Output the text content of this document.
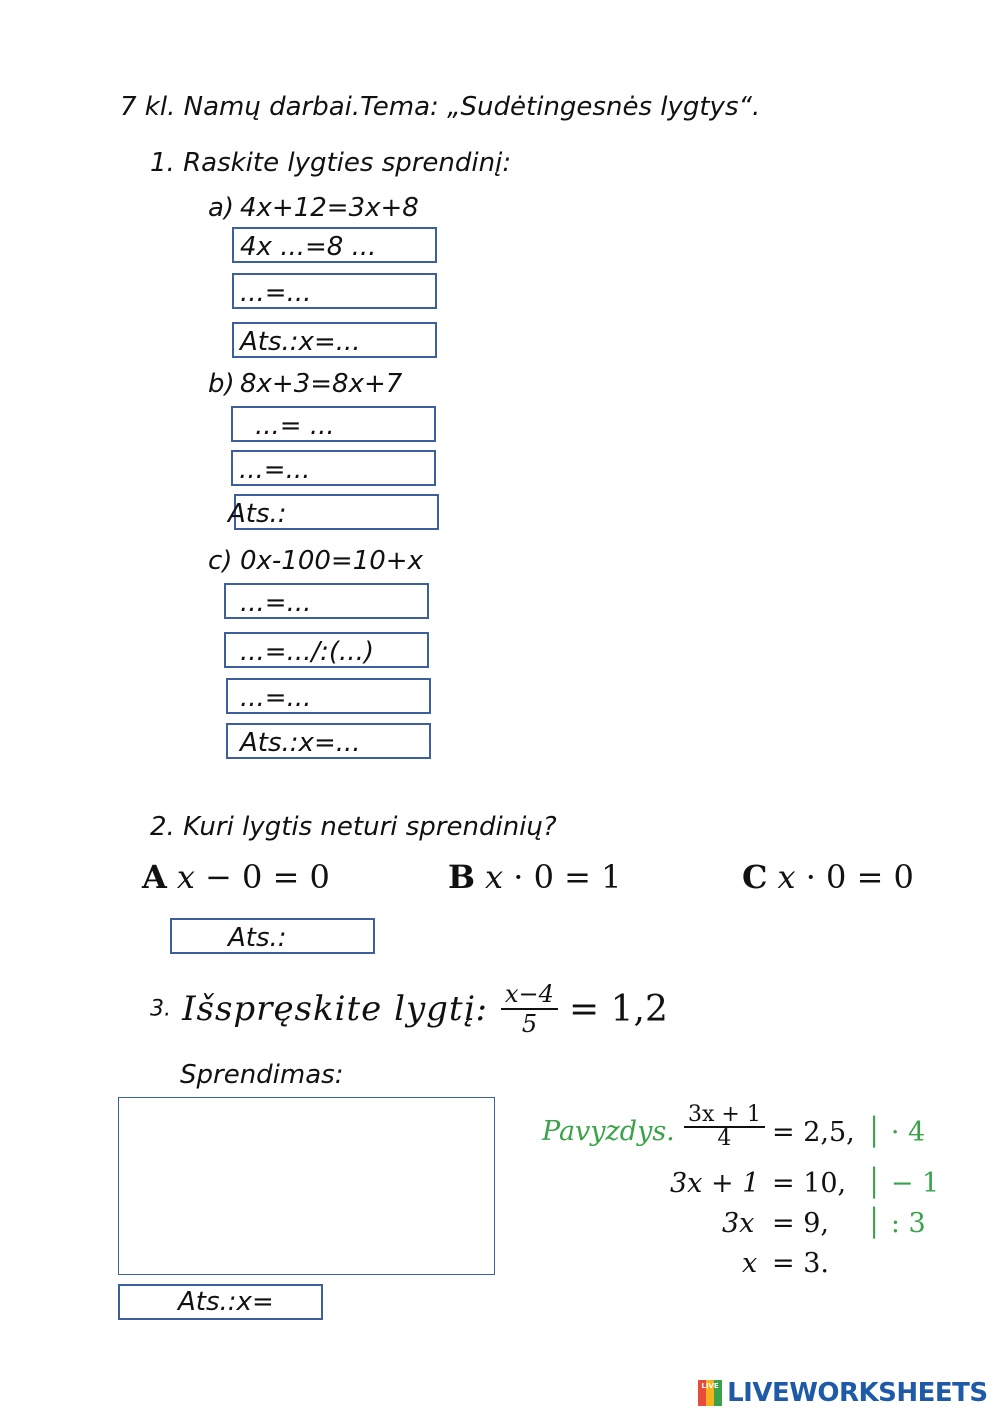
7 kl. Namų darbai.Tema: „Sudėtingesnės lygtys“.
1. Raskite lygties sprendinį:
a) 4x+12=3x+8
4x ...=8 ...
...=...
Ats.:x=...
b) 8x+3=8x+7
...= ...
...=...
Ats.:
c) 0x-100=10+x
...=...
...=.../:(...)
...=...
Ats.:x=...
2. Kuri lygtis neturi sprendinių?
A x − 0 = 0	B x · 0 = 1	C x · 0 = 0
Ats.:
3. Išspręskite lygtį: $\frac{x-4}{5} = 1,2$
Sprendimas:
Ats.:x=
Pavyzdys. $\frac{3x + 1}{4} = 2,5$, │ · 4
3x + 1 = 10, │ − 1
3x = 9, │ : 3
x = 3.
LIVE LIVEWORKSHEETS
